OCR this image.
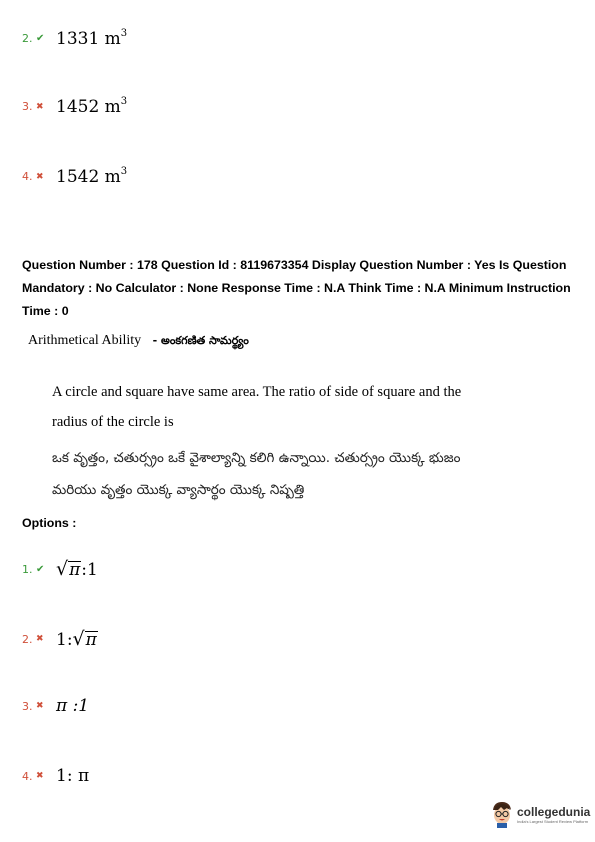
2. ✔ 1331 $m^3$
3. ✖ 1452 $m^3$
4. ✖ 1542 $m^3$
Question Number : 178 Question Id : 8119673354 Display Question Number : Yes Is Question Mandatory : No Calculator : None Response Time : N.A Think Time : N.A Minimum Instruction Time : 0
Arithmetical Ability - అంకగణిత సామర్థ్యం
A circle and square have same area. The ratio of side of square and the radius of the circle is
ఒక వృత్తం, చతుర్స్రం ఒకే వైశాల్యాన్ని కలిగి ఉన్నాయి. చతుర్స్రం యొక్క భుజం మరియు వృత్తం యొక్క వ్యాసార్థం యొక్క నిష్పత్తి
Options :
1. ✔ √π:1
2. ✖ 1:√π
3. ✖ π :1
4. ✖ 1: π
collegedunia
India's Largest Student Review Platform
